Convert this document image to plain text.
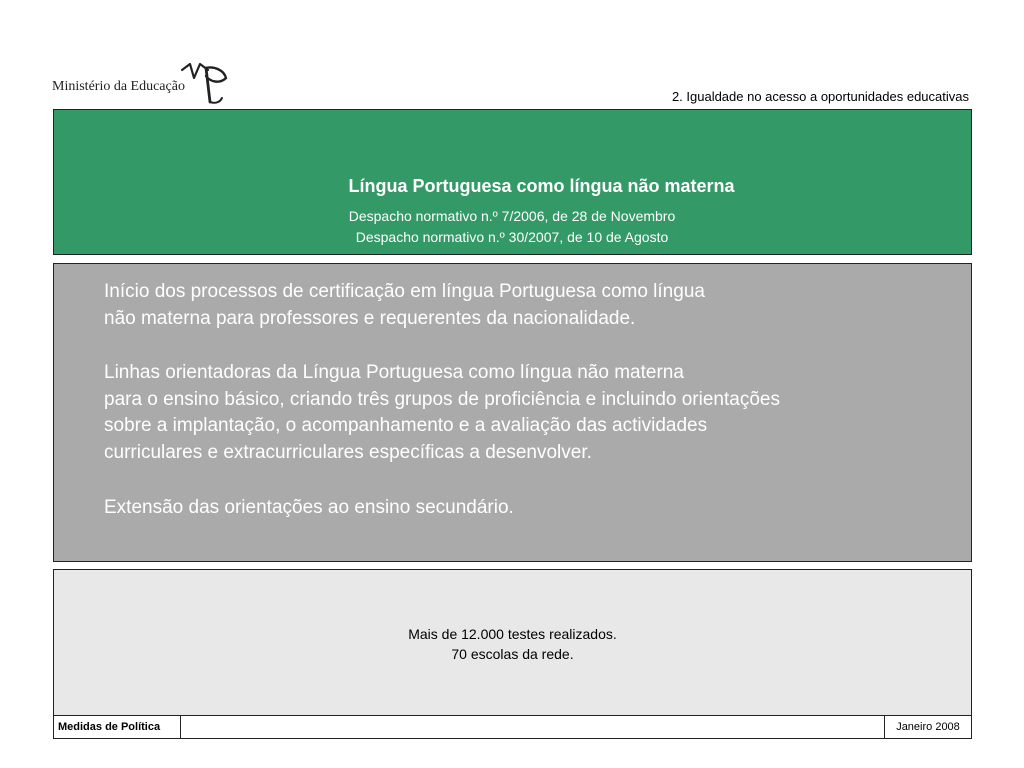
Ministério da Educação
2. Igualdade no acesso a oportunidades educativas
Língua Portuguesa como língua não materna
Despacho normativo n.º 7/2006, de 28 de Novembro
Despacho normativo n.º 30/2007, de 10 de Agosto
Início dos processos de certificação em língua Portuguesa como língua
não materna para professores e requerentes da nacionalidade.
Linhas orientadoras da Língua Portuguesa como língua não materna
para o ensino básico, criando três grupos de proficiência e incluindo orientações
sobre a implantação, o acompanhamento e a avaliação das actividades
curriculares e extracurriculares específicas a desenvolver.
Extensão das orientações ao ensino secundário.
Mais de 12.000 testes realizados.
70 escolas da rede.
Medidas de Política	Janeiro 2008
